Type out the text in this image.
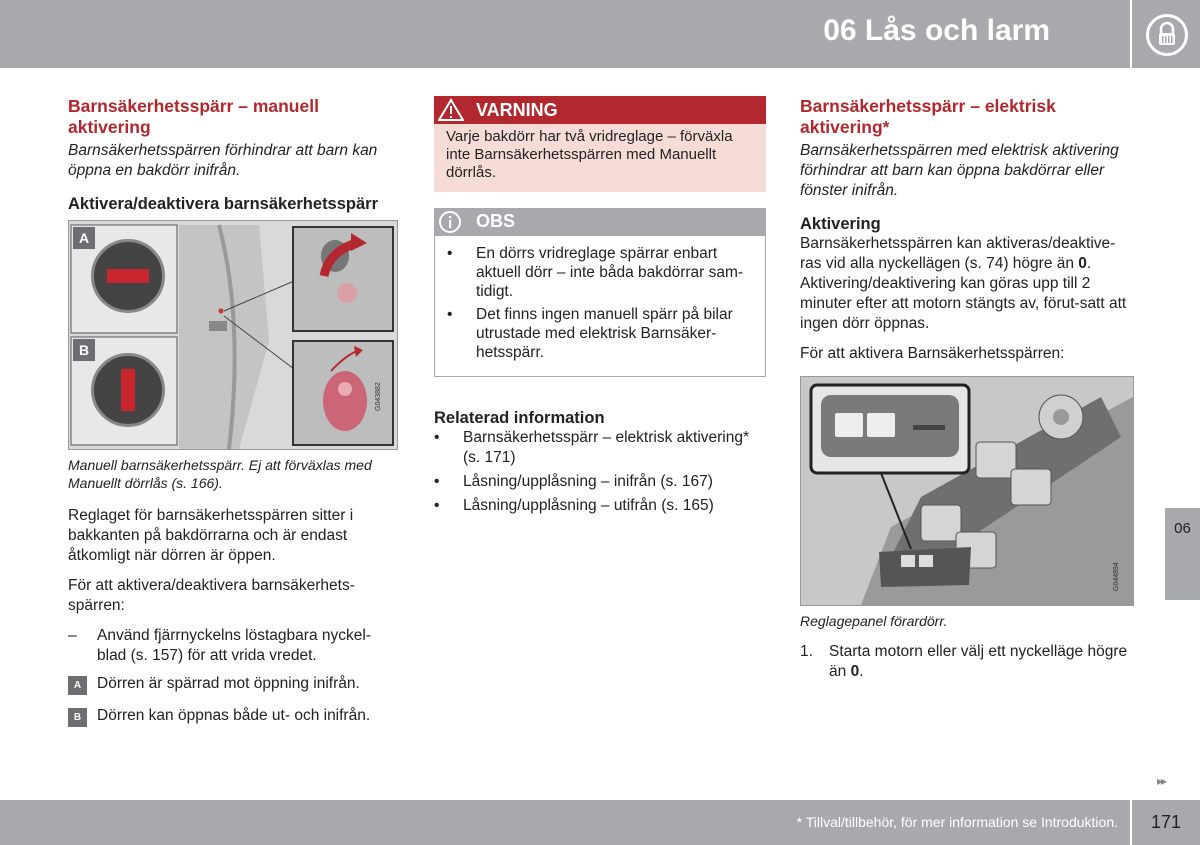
06 Lås och larm
Barnsäkerhetsspärr – manuell aktivering

Barnsäkerhetsspärren förhindrar att barn kan öppna en bakdörr inifrån.

Aktivera/deaktivera barnsäkerhetsspärr
A
B
G043882

Manuell barnsäkerhetsspärr. Ej att förväxlas med Manuellt dörrlås (s. 166).

Reglaget för barnsäkerhetsspärren sitter i bakkanten på bakdörrarna och är endast åtkomligt när dörren är öppen.

För att aktivera/deaktivera barnsäkerhets-spärren:

– Använd fjärrnyckelns löstagbara nyckel-blad (s. 157) för att vrida vredet.
A	Dörren är spärrad mot öppning inifrån.
B	Dörren kan öppnas både ut- och inifrån.
VARNING
Varje bakdörr har två vridreglage – förväxla inte Barnsäkerhetsspärren med Manuellt dörrlås.
OBS
• En dörrs vridreglage spärrar enbart aktuell dörr – inte båda bakdörrar sam-tidigt.
• Det finns ingen manuell spärr på bilar utrustade med elektrisk Barnsäker-hetsspärr.
Relaterad information
• Barnsäkerhetsspärr – elektrisk aktivering* (s. 171)
• Låsning/upplåsning – inifrån (s. 167)
• Låsning/upplåsning – utifrån (s. 165)
Barnsäkerhetsspärr – elektrisk aktivering*

Barnsäkerhetsspärren med elektrisk aktivering förhindrar att barn kan öppna bakdörrar eller fönster inifrån.

Aktivering

Barnsäkerhetsspärren kan aktiveras/deaktive-ras vid alla nyckellägen (s. 74) högre än 0. Aktivering/deaktivering kan göras upp till 2 minuter efter att motorn stängts av, förut-satt att ingen dörr öppnas.

För att aktivera Barnsäkerhetsspärren:

G044894

Reglagepanel förardörr.

1. Starta motorn eller välj ett nyckelläge högre än 0.
06
▸▸
* Tillval/tillbehör, för mer information se Introduktion.	171
